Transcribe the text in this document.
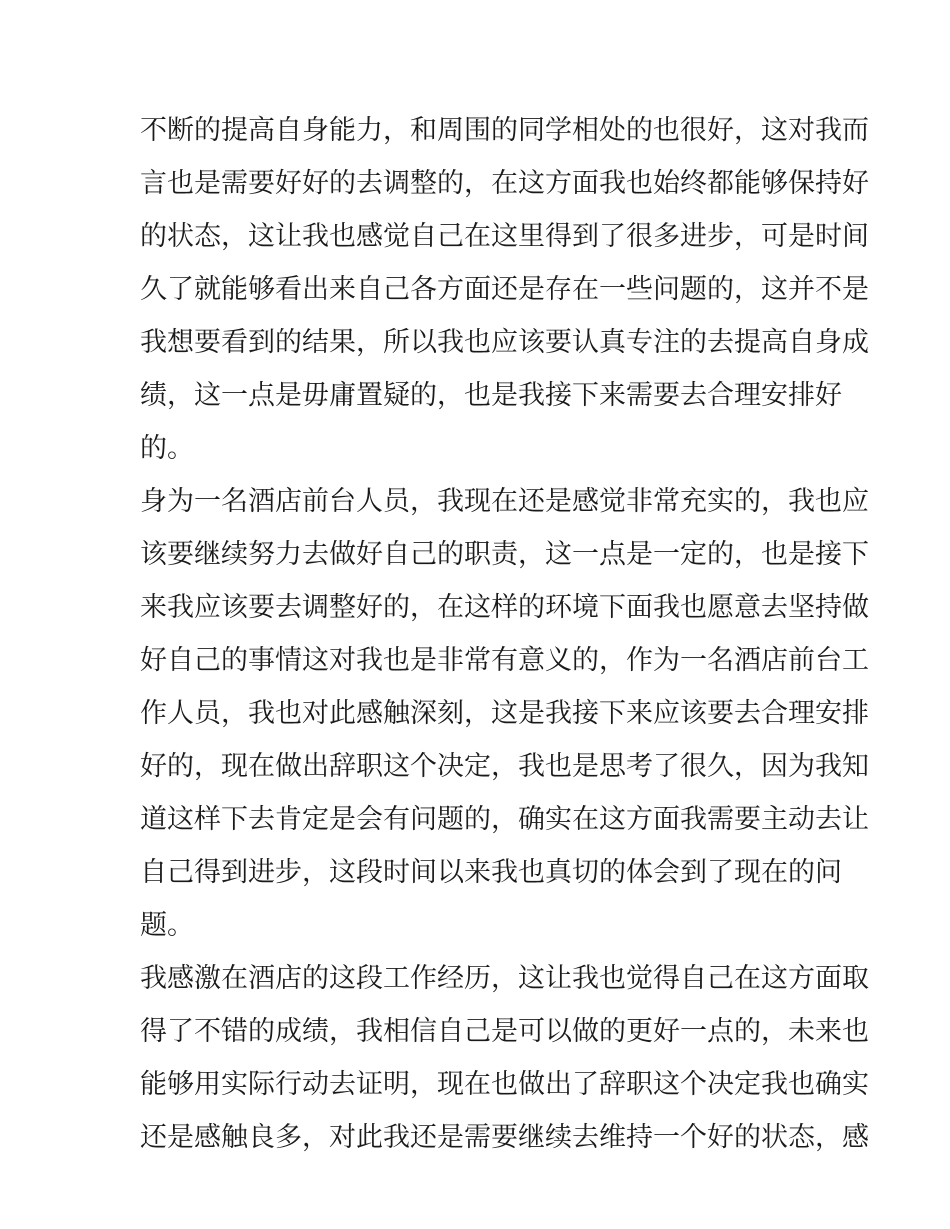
不断的提高自身能力，和周围的同学相处的也很好，这对我而
言也是需要好好的去调整的，在这方面我也始终都能够保持好
的状态，这让我也感觉自己在这里得到了很多进步，可是时间
久了就能够看出来自己各方面还是存在一些问题的，这并不是
我想要看到的结果，所以我也应该要认真专注的去提高自身成
绩，这一点是毋庸置疑的，也是我接下来需要去合理安排好
的。
身为一名酒店前台人员，我现在还是感觉非常充实的，我也应
该要继续努力去做好自己的职责，这一点是一定的，也是接下
来我应该要去调整好的，在这样的环境下面我也愿意去坚持做
好自己的事情这对我也是非常有意义的，作为一名酒店前台工
作人员，我也对此感触深刻，这是我接下来应该要去合理安排
好的，现在做出辞职这个决定，我也是思考了很久，因为我知
道这样下去肯定是会有问题的，确实在这方面我需要主动去让
自己得到进步，这段时间以来我也真切的体会到了现在的问
题。
我感激在酒店的这段工作经历，这让我也觉得自己在这方面取
得了不错的成绩，我相信自己是可以做的更好一点的，未来也
能够用实际行动去证明，现在也做出了辞职这个决定我也确实
还是感触良多，对此我还是需要继续去维持一个好的状态，感
